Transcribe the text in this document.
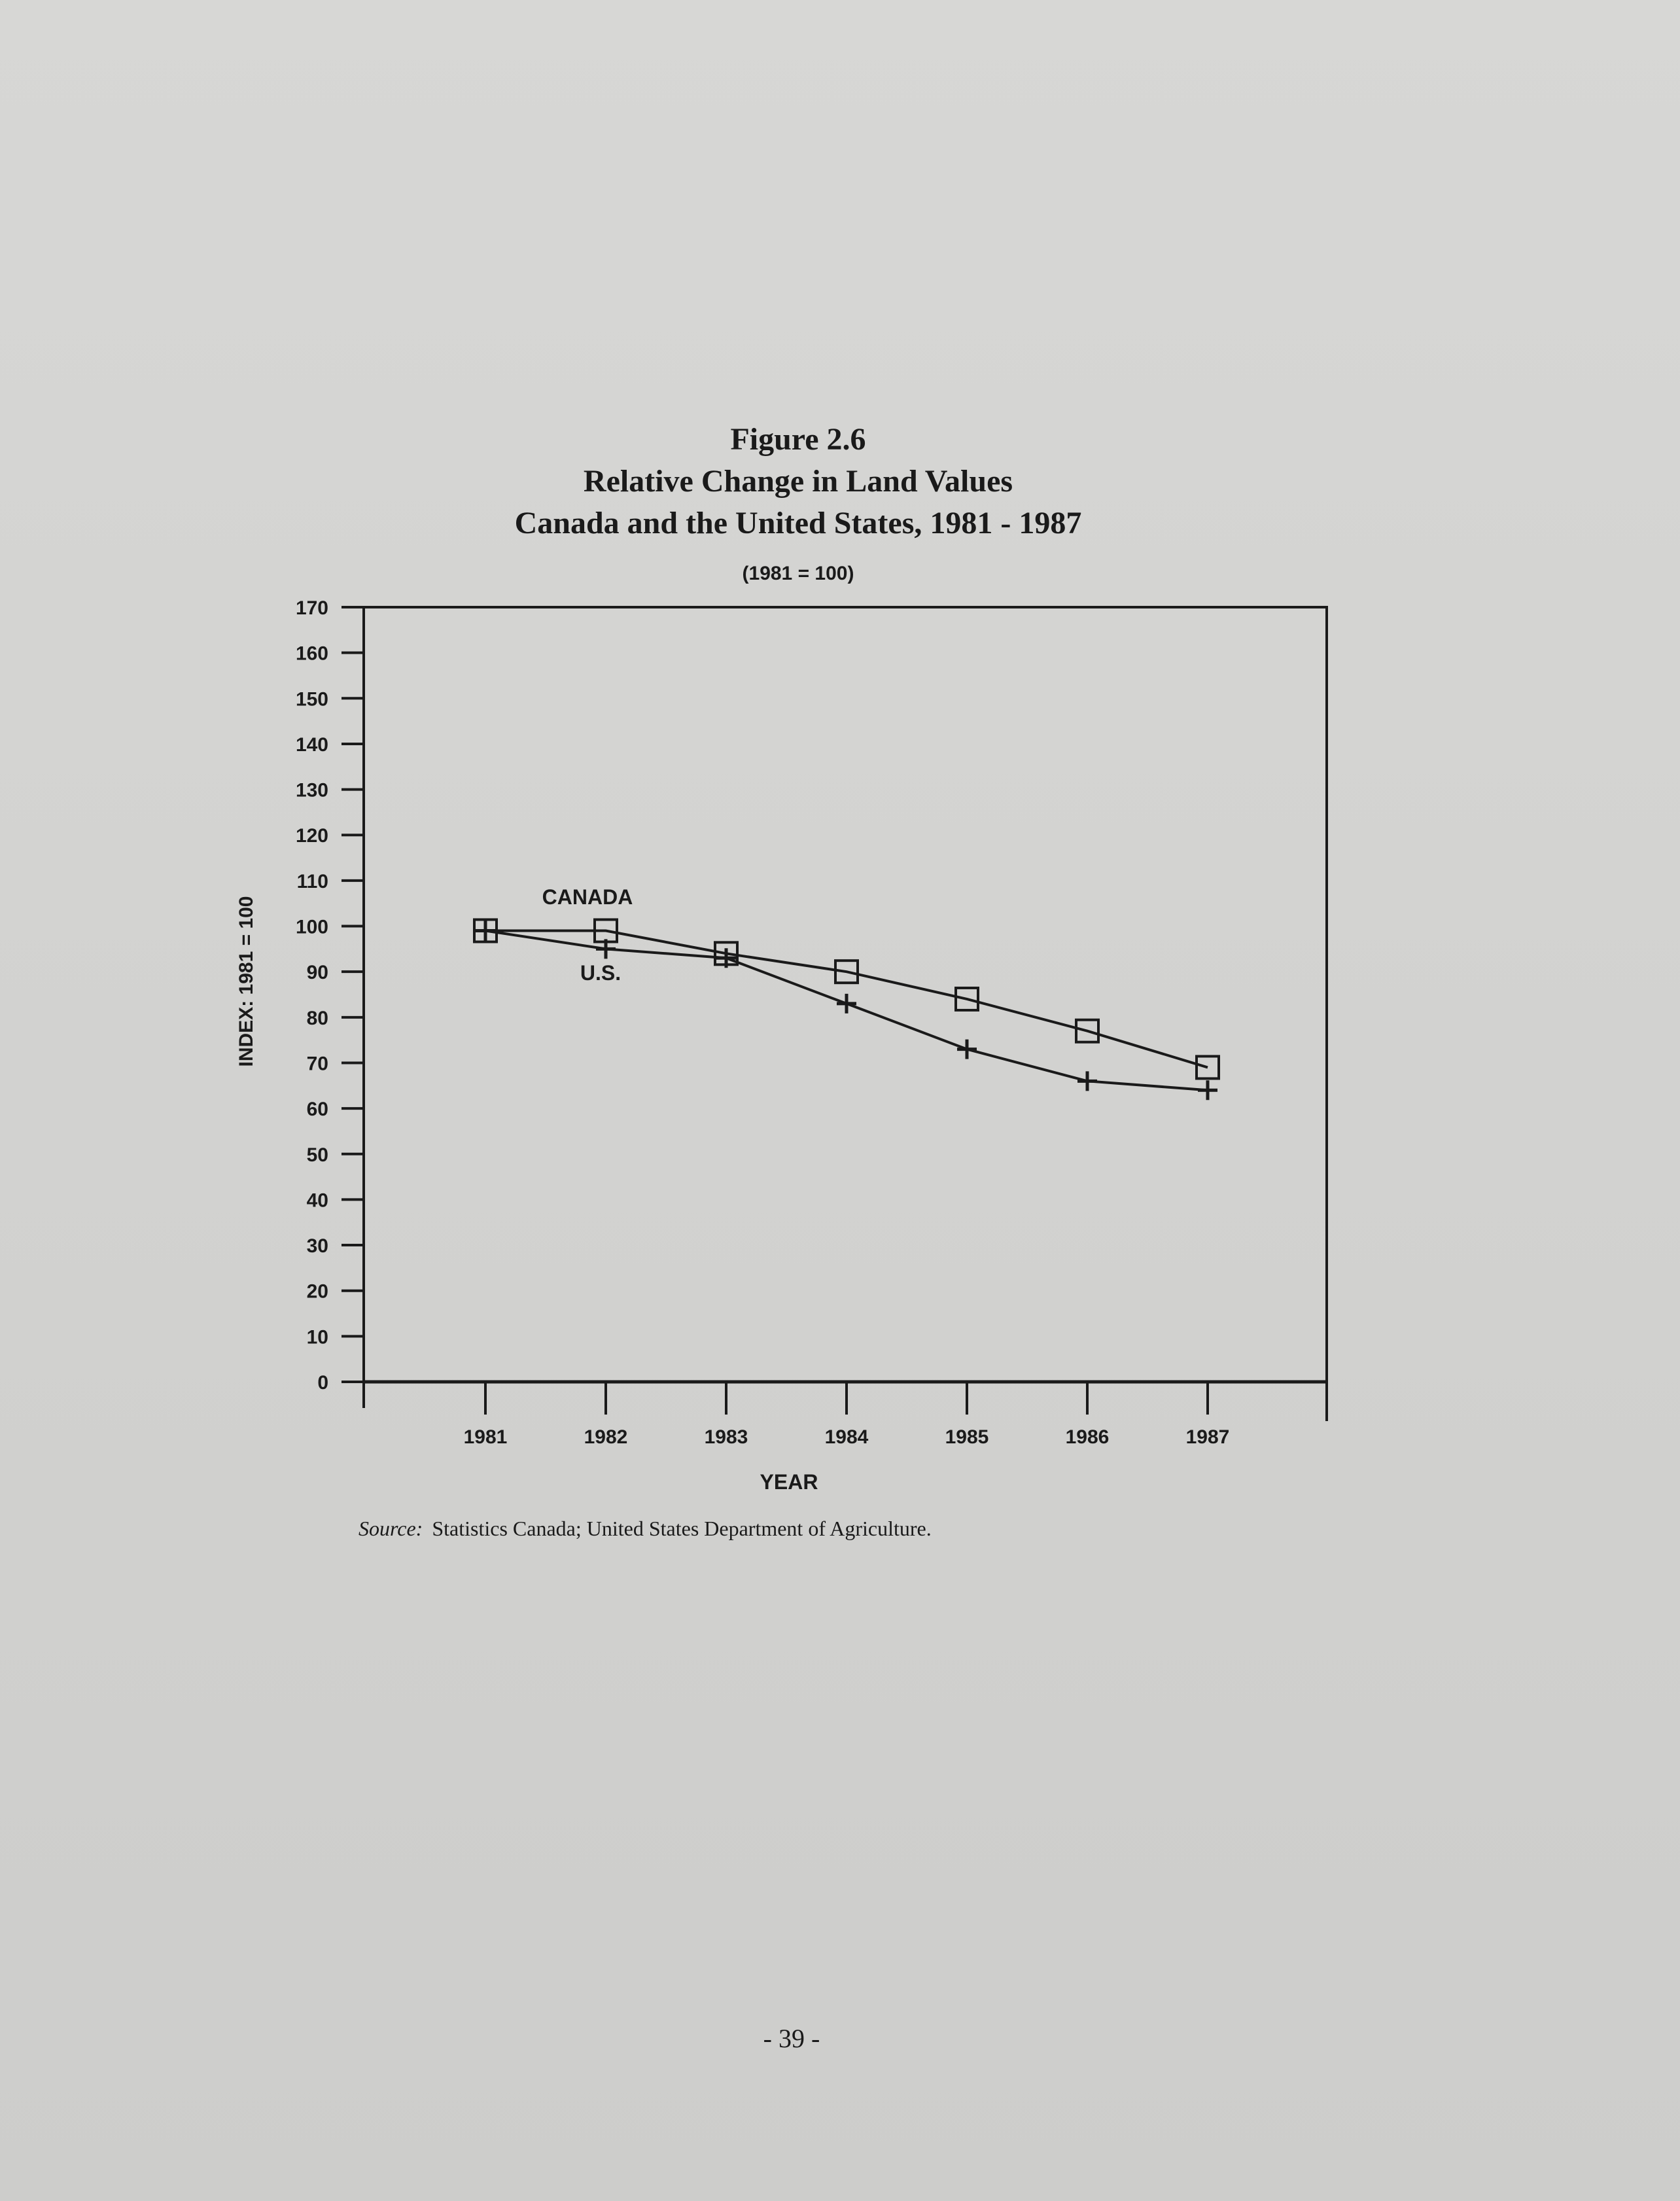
Figure 2.6
Relative Change in Land Values
Canada and the United States, 1981 - 1987
(1981 = 100)
0
10
20
30
40
50
60
70
80
90
100
110
120
130
140
150
160
170
1981	1982	1983	1984	1985	1986	1987
YEAR
INDEX: 1981 = 100	CANADA
U.S.
Source: Statistics Canada; United States Department of Agriculture.
- 39 -
